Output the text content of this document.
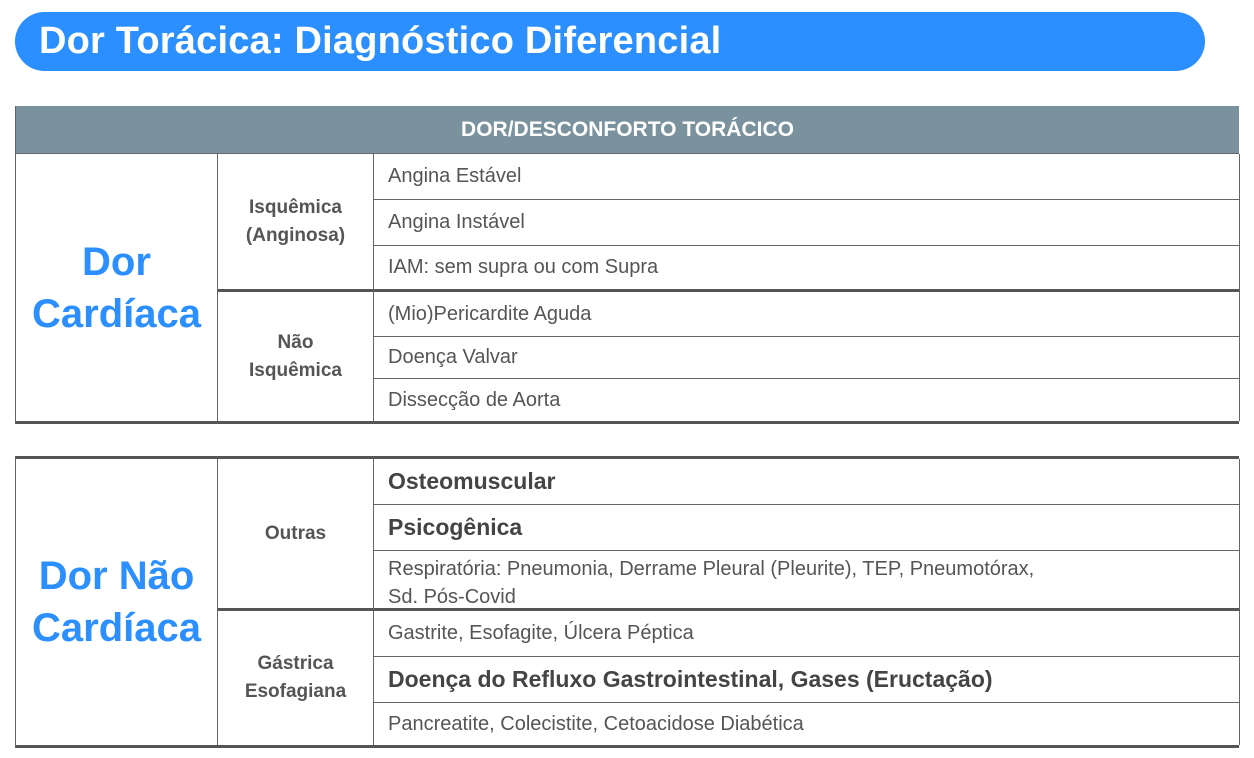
Dor Torácica: Diagnóstico Diferencial
DOR/DESCONFORTO TORÁCICO
Dor
Cardíaca
Isquêmica
(Anginosa)
Não
Isquêmica
Angina Estável
Angina Instável
IAM: sem supra ou com Supra
(Mio)Pericardite Aguda
Doença Valvar
Dissecção de Aorta
Dor Não
Cardíaca
Outras
Gástrica
Esofagiana
Osteomuscular
Psicogênica
Respiratória: Pneumonia, Derrame Pleural (Pleurite), TEP, Pneumotórax,
Sd. Pós-Covid
Gastrite, Esofagite, Úlcera Péptica
Doença do Refluxo Gastrointestinal, Gases (Eructação)
Pancreatite, Colecistite, Cetoacidose Diabética
